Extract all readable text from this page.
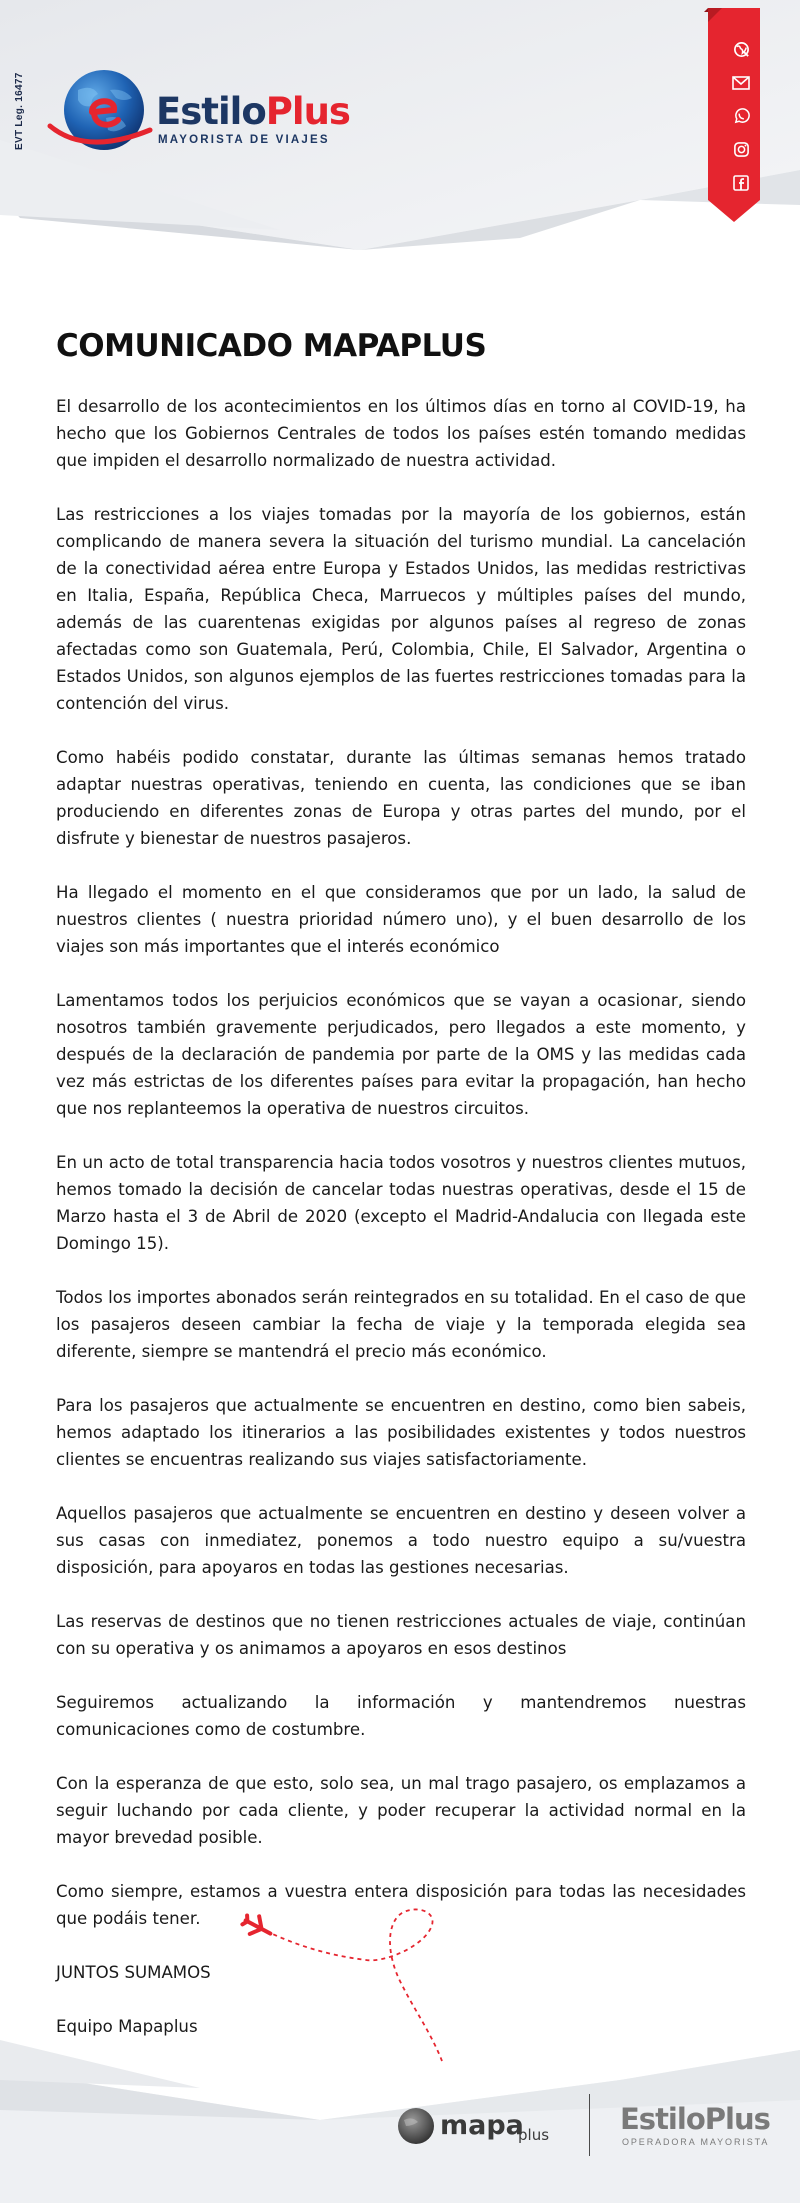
EVT Leg. 16477	EstiloPlus
MAYORISTA DE VIAJES
COMUNICADO MAPAPLUS

El desarrollo de los acontecimientos en los últimos días en torno al COVID-19, ha hecho que los Gobiernos Centrales de todos los países estén tomando medidas que impiden el desarrollo normalizado de nuestra actividad.

Las restricciones a los viajes tomadas por la mayoría de los gobiernos, están complicando de manera severa la situación del turismo mundial. La cancelación de la conectividad aérea entre Europa y Estados Unidos, las medidas restrictivas en Italia, España, República Checa, Marruecos y múltiples países del mundo, además de las cuarentenas exigidas por algunos países al regreso de zonas afectadas como son Guatemala, Perú, Colombia, Chile, El Salvador, Argentina o Estados Unidos, son algunos ejemplos de las fuertes restricciones tomadas para la contención del virus.

Como habéis podido constatar, durante las últimas semanas hemos tratado adaptar nuestras operativas, teniendo en cuenta, las condiciones que se iban produciendo en diferentes zonas de Europa y otras partes del mundo, por el disfrute y bienestar de nuestros pasajeros.

Ha llegado el momento en el que consideramos que por un lado, la salud de nuestros clientes ( nuestra prioridad número uno), y el buen desarrollo de los viajes son más importantes que el interés económico

Lamentamos todos los perjuicios económicos que se vayan a ocasionar, siendo nosotros también gravemente perjudicados, pero llegados a este momento, y después de la declaración de pandemia por parte de la OMS y las medidas cada vez más estrictas de los diferentes países para evitar la propagación, han hecho que nos replanteemos la operativa de nuestros circuitos.

En un acto de total transparencia hacia todos vosotros y nuestros clientes mutuos, hemos tomado la decisión de cancelar todas nuestras operativas, desde el 15 de Marzo hasta el 3 de Abril de 2020 (excepto el Madrid-Andalucia con llegada este Domingo 15).

Todos los importes abonados serán reintegrados en su totalidad. En el caso de que los pasajeros deseen cambiar la fecha de viaje y la temporada elegida sea diferente, siempre se mantendrá el precio más económico.

Para los pasajeros que actualmente se encuentren en destino, como bien sabeis, hemos adaptado los itinerarios a las posibilidades existentes y todos nuestros clientes se encuentras realizando sus viajes satisfactoriamente.

Aquellos pasajeros que actualmente se encuentren en destino y deseen volver a sus casas con inmediatez, ponemos a todo nuestro equipo a su/vuestra disposición, para apoyaros en todas las gestiones necesarias.

Las reservas de destinos que no tienen restricciones actuales de viaje, continúan con su operativa y os animamos a apoyaros en esos destinos

Seguiremos actualizando la información y mantendremos nuestras comunicaciones como de costumbre.

Con la esperanza de que esto, solo sea, un mal trago pasajero, os emplazamos a seguir luchando por cada cliente, y poder recuperar la actividad normal en la mayor brevedad posible.

Como siempre, estamos a vuestra entera disposición para todas las necesidades que podáis tener.

JUNTOS SUMAMOS

Equipo Mapaplus

mapa
plus EstiloPlus
OPERADORA MAYORISTA
